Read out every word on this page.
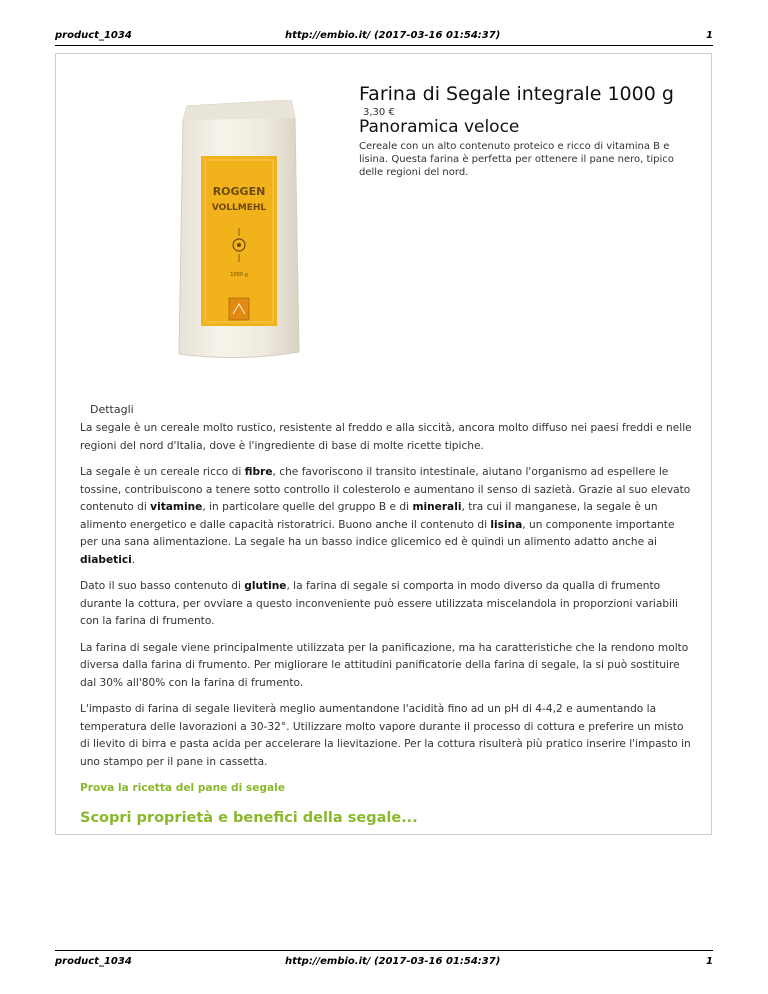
product_1034	http://embio.it/ (2017-03-16 01:54:37)	1
ROGGEN
VOLLMEHL
1000 g
Farina di Segale integrale 1000 g
3,30 €
Panoramica veloce
Cereale con un alto contenuto proteico e ricco di vitamina B e lisina. Questa farina è perfetta per ottenere il pane nero, tipico delle regioni del nord.
Dettagli

La segale è un cereale molto rustico, resistente al freddo e alla siccità, ancora molto diffuso nei paesi freddi e nelle regioni del nord d'Italia, dove è l'ingrediente di base di molte ricette tipiche.

La segale è un cereale ricco di fibre, che favoriscono il transito intestinale, aiutano l'organismo ad espellere le tossine, contribuiscono a tenere sotto controllo il colesterolo e aumentano il senso di sazietà. Grazie al suo elevato contenuto di vitamine, in particolare quelle del gruppo B e di minerali, tra cui il manganese, la segale è un alimento energetico e dalle capacità ristoratrici. Buono anche il contenuto di lisina, un componente importante per una sana alimentazione. La segale ha un basso indice glicemico ed è quindi un alimento adatto anche ai diabetici.

Dato il suo basso contenuto di glutine, la farina di segale si comporta in modo diverso da qualla di frumento durante la cottura, per ovviare a questo inconveniente può essere utilizzata miscelandola in proporzioni variabili con la farina di frumento.

La farina di segale viene principalmente utilizzata per la panificazione, ma ha caratteristiche che la rendono molto diversa dalla farina di frumento. Per migliorare le attitudini panificatorie della farina di segale, la si può sostituire dal 30% all'80% con la farina di frumento.

L'impasto di farina di segale lieviterà meglio aumentandone l'acidità fino ad un pH di 4-4,2 e aumentando la temperatura delle lavorazioni a 30-32°. Utilizzare molto vapore durante il processo di cottura e preferire un misto di lievito di birra e pasta acida per accelerare la lievitazione. Per la cottura risulterà più pratico inserire l'impasto in uno stampo per il pane in cassetta.

Prova la ricetta del pane di segale
Scopri proprietà e benefici della segale...
product_1034	http://embio.it/ (2017-03-16 01:54:37)	1
